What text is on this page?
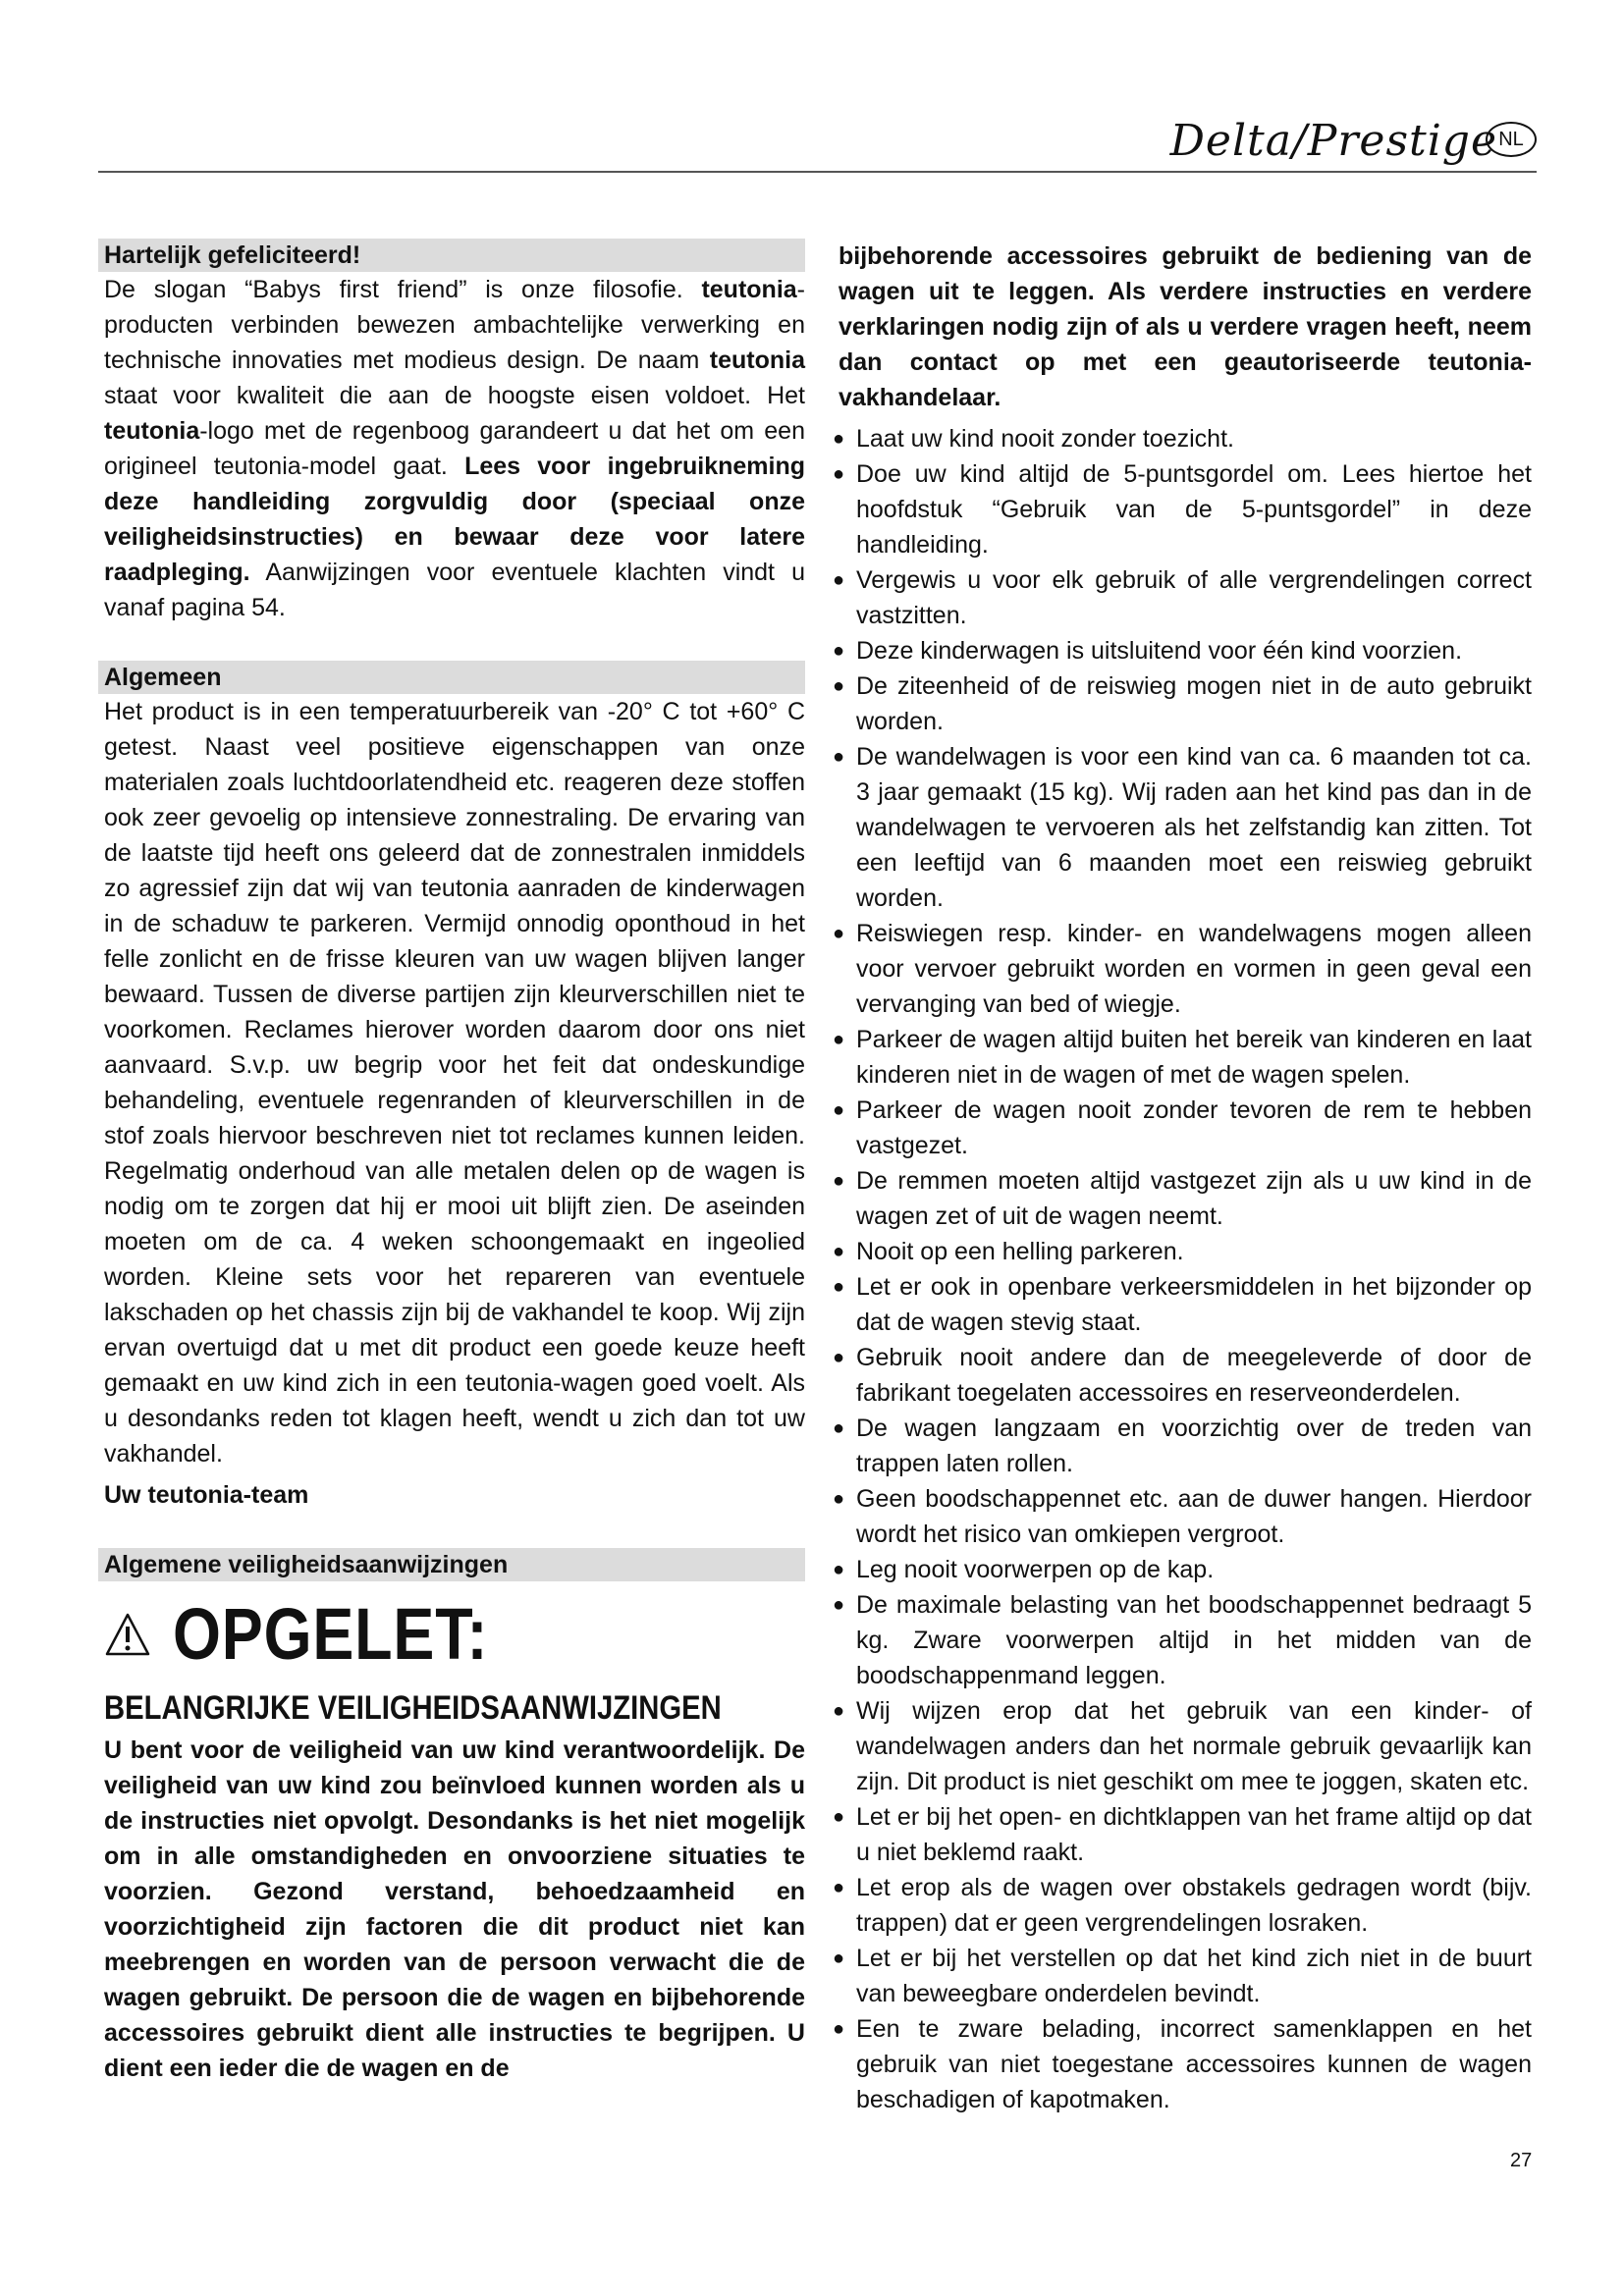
Delta/Prestige NL
Hartelijk gefeliciteerd!

De slogan “Babys first friend” is onze filosofie. teutonia-producten verbinden bewezen ambachtelijke verwerking en technische innovaties met modieus design. De naam teutonia staat voor kwaliteit die aan de hoogste eisen voldoet. Het teutonia-logo met de regenboog garandeert u dat het om een origineel teutonia-model gaat. Lees voor ingebruikneming deze handleiding zorgvuldig door (speciaal onze veiligheidsinstructies) en bewaar deze voor latere raadpleging. Aanwijzingen voor eventuele klachten vindt u vanaf pagina 54.

Algemeen

Het product is in een temperatuurbereik van -20° C tot +60° C getest. Naast veel positieve eigenschappen van onze materialen zoals luchtdoorlatendheid etc. reageren deze stoffen ook zeer gevoelig op intensieve zonnestraling. De ervaring van de laatste tijd heeft ons geleerd dat de zonnestralen inmiddels zo agressief zijn dat wij van teutonia aanraden de kinderwagen in de schaduw te parkeren. Vermijd onnodig oponthoud in het felle zonlicht en de frisse kleuren van uw wagen blijven langer bewaard. Tussen de diverse partijen zijn kleurverschillen niet te voorkomen. Reclames hierover worden daarom door ons niet aanvaard. S.v.p. uw begrip voor het feit dat ondeskundige behandeling, eventuele regenranden of kleurverschillen in de stof zoals hiervoor beschreven niet tot reclames kunnen leiden. Regelmatig onderhoud van alle metalen delen op de wagen is nodig om te zorgen dat hij er mooi uit blijft zien. De aseinden moeten om de ca. 4 weken schoongemaakt en ingeolied worden. Kleine sets voor het repareren van eventuele lakschaden op het chassis zijn bij de vakhandel te koop. Wij zijn ervan overtuigd dat u met dit product een goede keuze heeft gemaakt en uw kind zich in een teutonia-wagen goed voelt. Als u desondanks reden tot klagen heeft, wendt u zich dan tot uw vakhandel.

Uw teutonia-team

Algemene veiligheidsaanwijzingen
OPGELET:
BELANGRIJKE VEILIGHEIDSAANWIJZINGEN

U bent voor de veiligheid van uw kind verantwoordelijk. De veiligheid van uw kind zou beïnvloed kunnen worden als u de instructies niet opvolgt. Desondanks is het niet mogelijk om in alle omstandigheden en onvoorziene situaties te voorzien. Gezond verstand, behoedzaamheid en voorzichtigheid zijn factoren die dit product niet kan meebrengen en worden van de persoon verwacht die de wagen gebruikt. De persoon die de wagen en bijbehorende accessoires gebruikt dient alle instructies te begrijpen. U dient een ieder die de wagen en de

bijbehorende accessoires gebruikt de bediening van de wagen uit te leggen. Als verdere instructies en verdere verklaringen nodig zijn of als u verdere vragen heeft, neem dan contact op met een geautoriseerde teutonia-vakhandelaar.

● Laat uw kind nooit zonder toezicht.
● Doe uw kind altijd de 5-puntsgordel om. Lees hiertoe het hoofdstuk “Gebruik van de 5-puntsgordel” in deze handleiding.
● Vergewis u voor elk gebruik of alle vergrendelingen correct vastzitten.
● Deze kinderwagen is uitsluitend voor één kind voorzien.
● De ziteenheid of de reiswieg mogen niet in de auto gebruikt worden.
● De wandelwagen is voor een kind van ca. 6 maanden tot ca. 3 jaar gemaakt (15 kg). Wij raden aan het kind pas dan in de wandelwagen te vervoeren als het zelfstandig kan zitten. Tot een leeftijd van 6 maanden moet een reiswieg gebruikt worden.
● Reiswiegen resp. kinder- en wandelwagens mogen alleen voor vervoer gebruikt worden en vormen in geen geval een vervanging van bed of wiegje.
● Parkeer de wagen altijd buiten het bereik van kinderen en laat kinderen niet in de wagen of met de wagen spelen.
● Parkeer de wagen nooit zonder tevoren de rem te hebben vastgezet.
● De remmen moeten altijd vastgezet zijn als u uw kind in de wagen zet of uit de wagen neemt.
● Nooit op een helling parkeren.
● Let er ook in openbare verkeersmiddelen in het bijzonder op dat de wagen stevig staat.
● Gebruik nooit andere dan de meegeleverde of door de fabrikant toegelaten accessoires en reserveonderdelen.
● De wagen langzaam en voorzichtig over de treden van trappen laten rollen.
● Geen boodschappennet etc. aan de duwer hangen. Hierdoor wordt het risico van omkiepen vergroot.
● Leg nooit voorwerpen op de kap.
● De maximale belasting van het boodschappennet bedraagt 5 kg. Zware voorwerpen altijd in het midden van de boodschappenmand leggen.
● Wij wijzen erop dat het gebruik van een kinder- of wandelwagen anders dan het normale gebruik gevaarlijk kan zijn. Dit product is niet geschikt om mee te joggen, skaten etc.
● Let er bij het open- en dichtklappen van het frame altijd op dat u niet beklemd raakt.
● Let erop als de wagen over obstakels gedragen wordt (bijv. trappen) dat er geen vergrendelingen losraken.
● Let er bij het verstellen op dat het kind zich niet in de buurt van beweegbare onderdelen bevindt.
● Een te zware belading, incorrect samenklappen en het gebruik van niet toegestane accessoires kunnen de wagen beschadigen of kapotmaken.
27
